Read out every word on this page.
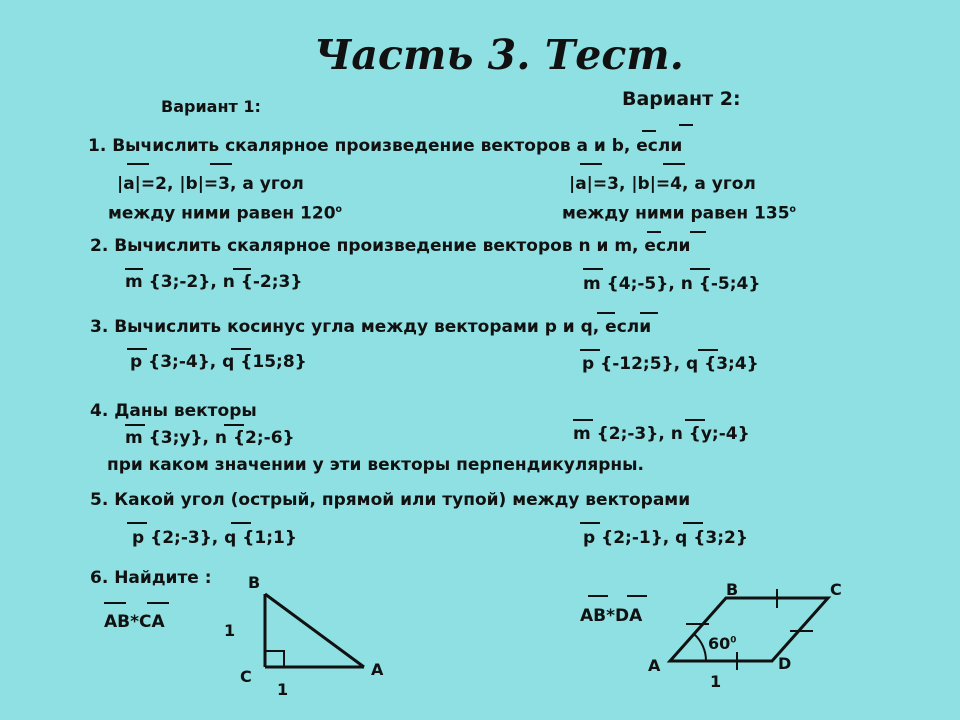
Часть 3. Тест.
Вариант 1:	Вариант 2:
1. Вычислить скалярное произведение векторов a и b, если
|a|=2, |b|=3, а угол
между ними равен $120^о$
|a|=3, |b|=4, а угол
между ними равен $135^о$
2. Вычислить скалярное произведение векторов n и m, если
m {3;-2}, n {-2;3}	m {4;-5}, n {-5;4}
3. Вычислить косинус угла между векторами p и q, если
p {3;-4}, q {15;8}	p {-12;5}, q {3;4}
4. Даны векторы
m {3;y}, n {2;-6}	m {2;-3}, n {y;-4}
при каком значении y эти векторы перпендикулярны.
5. Какой угол (острый, прямой или тупой) между векторами
p {2;-3}, q {1;1}	p {2;-1}, q {3;2}
6. Найдите :
AB*CA	AB*DA
B
1
C	A
1
B	C
$60^0$
A	D
1
